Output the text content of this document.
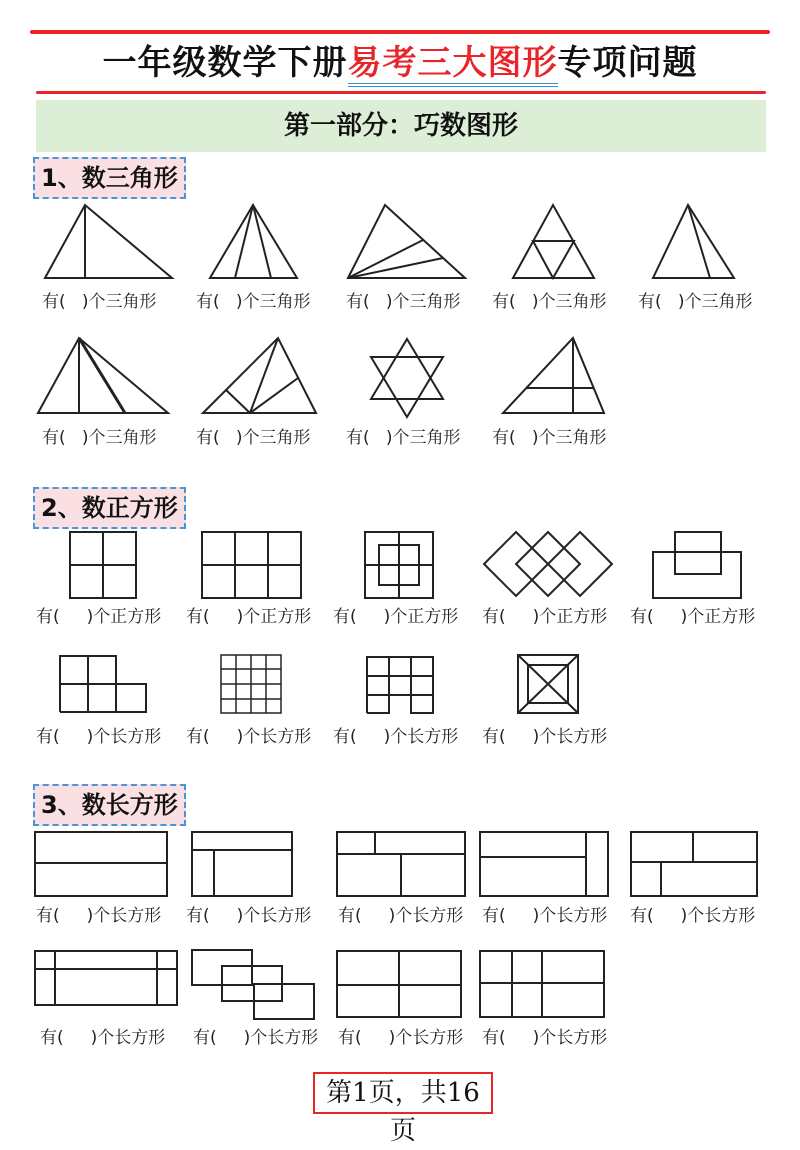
一年级数学下册易考三大图形专项问题
第一部分：巧数图形
1、数三角形
有(   )个三角形 有(   )个三角形 有(   )个三角形 有(   )个三角形 有(   )个三角形
有(   )个三角形 有(   )个三角形 有(   )个三角形 有(   )个三角形
2、数正方形
有(     )个正方形 有(     )个正方形 有(     )个正方形 有(     )个正方形 有(     )个正方形
有(     )个长方形 有(     )个长方形 有(     )个长方形 有(     )个长方形
3、数长方形
有(     )个长方形 有(     )个长方形 有(     )个长方形 有(     )个长方形 有(     )个长方形
有(     )个长方形 有(     )个长方形 有(     )个长方形 有(     )个长方形
第1页，共16页
